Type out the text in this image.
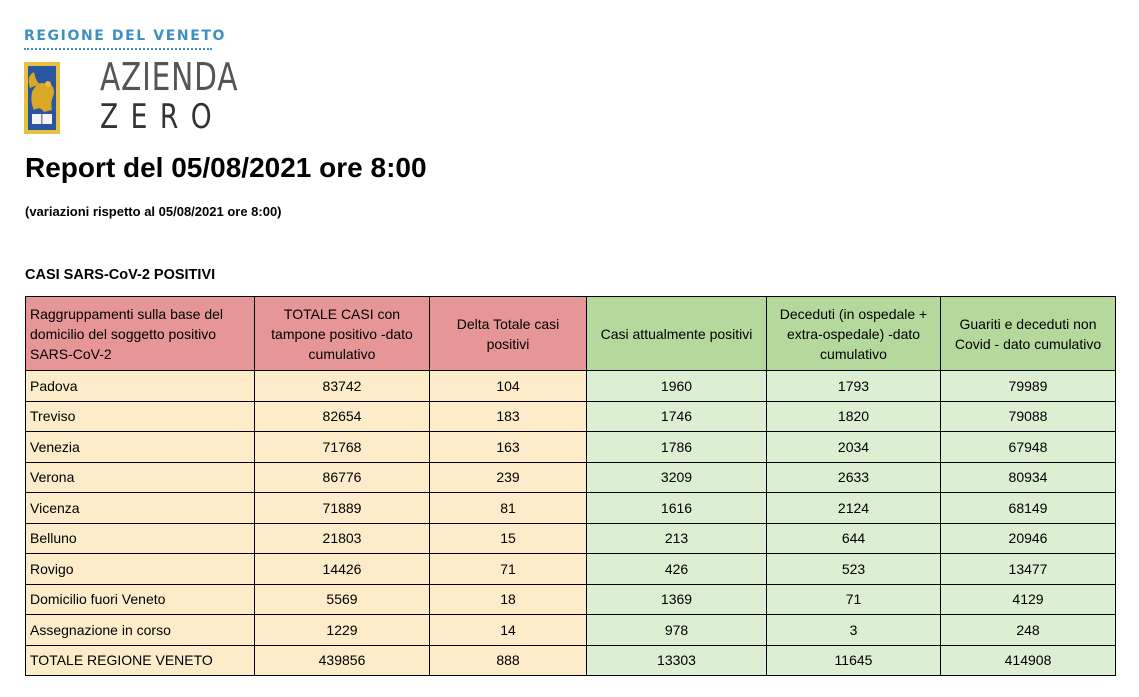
REGIONE DEL VENETO
AZIENDA
ZERO
Report del 05/08/2021 ore 8:00
(variazioni rispetto al 05/08/2021 ore 8:00)
CASI SARS-CoV-2 POSITIVI
Raggruppamenti sulla base del domicilio del soggetto positivo SARS-CoV-2	TOTALE CASI con tampone positivo -dato cumulativo	Delta Totale casi positivi	Casi attualmente positivi	Deceduti (in ospedale + extra-ospedale) -dato cumulativo	Guariti e deceduti non Covid - dato cumulativo
Padova	83742	104	1960	1793	79989
Treviso	82654	183	1746	1820	79088
Venezia	71768	163	1786	2034	67948
Verona	86776	239	3209	2633	80934
Vicenza	71889	81	1616	2124	68149
Belluno	21803	15	213	644	20946
Rovigo	14426	71	426	523	13477
Domicilio fuori Veneto	5569	18	1369	71	4129
Assegnazione in corso	1229	14	978	3	248
TOTALE REGIONE VENETO	439856	888	13303	11645	414908
